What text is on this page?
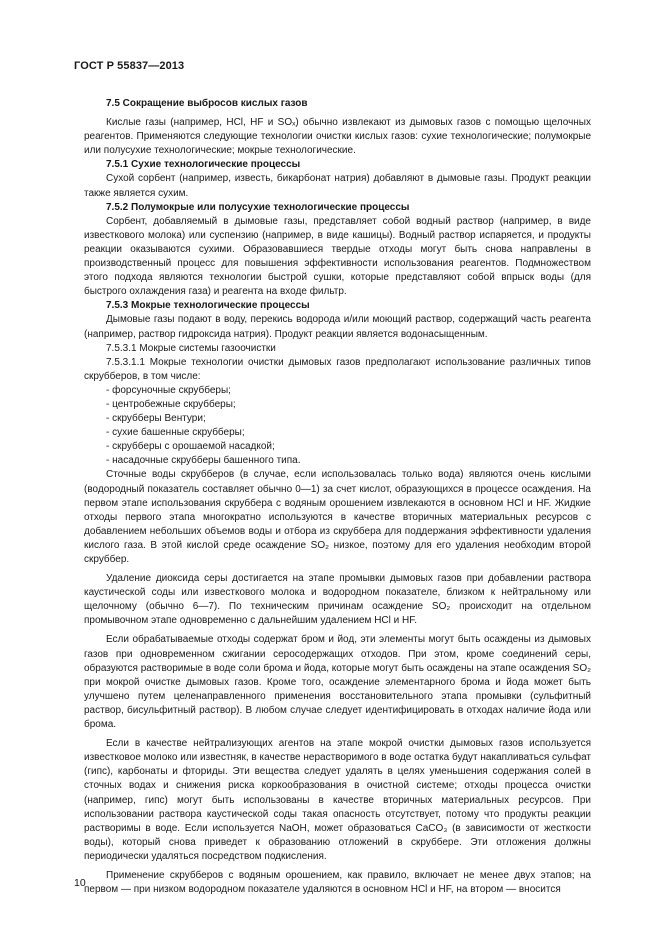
ГОСТ Р 55837—2013

7.5 Сокращение выбросов кислых газов

Кислые газы (например, HCl, HF и SOₓ) обычно извлекают из дымовых газов с помощью щелочных реагентов. Применяются следующие технологии очистки кислых газов: сухие технологические; полумокрые или полусухие технологические; мокрые технологические.

7.5.1 Сухие технологические процессы

Сухой сорбент (например, известь, бикарбонат натрия) добавляют в дымовые газы. Продукт реакции также является сухим.

7.5.2 Полумокрые или полусухие технологические процессы

Сорбент, добавляемый в дымовые газы, представляет собой водный раствор (например, в виде известкового молока) или суспензию (например, в виде кашицы). Водный раствор испаряется, и продукты реакции оказываются сухими. Образовавшиеся твердые отходы могут быть снова направлены в производственный процесс для повышения эффективности использования реагентов. Подмножеством этого подхода являются технологии быстрой сушки, которые представляют собой впрыск воды (для быстрого охлаждения газа) и реагента на входе фильтр.

7.5.3 Мокрые технологические процессы

Дымовые газы подают в воду, перекись водорода и/или моющий раствор, содержащий часть реагента (например, раствор гидроксида натрия). Продукт реакции является водонасыщенным.

7.5.3.1 Мокрые системы газоочистки

7.5.3.1.1 Мокрые технологии очистки дымовых газов предполагают использование различных типов скрубберов, в том числе:

- форсуночные скрубберы;
- центробежные скрубберы;
- скрубберы Вентури;
- сухие башенные скрубберы;
- скрубберы с орошаемой насадкой;
- насадочные скрубберы башенного типа.

Сточные воды скрубберов (в случае, если использовалась только вода) являются очень кислыми (водородный показатель составляет обычно 0—1) за счет кислот, образующихся в процессе осаждения. На первом этапе использования скруббера с водяным орошением извлекаются в основном HCl и HF. Жидкие отходы первого этапа многократно используются в качестве вторичных материальных ресурсов с добавлением небольших объемов воды и отбора из скруббера для поддержания эффективности удаления кислого газа. В этой кислой среде осаждение SO₂ низкое, поэтому для его удаления необходим второй скруббер.

Удаление диоксида серы достигается на этапе промывки дымовых газов при добавлении раствора каустической соды или известкового молока и водородном показателе, близком к нейтральному или щелочному (обычно 6—7). По техническим причинам осаждение SO₂ происходит на отдельном промывочном этапе одновременно с дальнейшим удалением HCl и HF.

Если обрабатываемые отходы содержат бром и йод, эти элементы могут быть осаждены из дымовых газов при одновременном сжигании серосодержащих отходов. При этом, кроме соединений серы, образуются растворимые в воде соли брома и йода, которые могут быть осаждены на этапе осаждения SO₂ при мокрой очистке дымовых газов. Кроме того, осаждение элементарного брома и йода может быть улучшено путем целенаправленного применения восстановительного этапа промывки (сульфитный раствор, бисульфитный раствор). В любом случае следует идентифицировать в отходах наличие йода или брома.

Если в качестве нейтрализующих агентов на этапе мокрой очистки дымовых газов используется известковое молоко или известняк, в качестве нерастворимого в воде остатка будут накапливаться сульфат (гипс), карбонаты и фториды. Эти вещества следует удалять в целях уменьшения содержания солей в сточных водах и снижения риска коркообразования в очистной системе; отходы процесса очистки (например, гипс) могут быть использованы в качестве вторичных материальных ресурсов. При использовании раствора каустической соды такая опасность отсутствует, потому что продукты реакции растворимы в воде. Если используется NaOH, может образоваться CaCO₃ (в зависимости от жесткости воды), который снова приведет к образованию отложений в скруббере. Эти отложения должны периодически удаляться посредством подкисления.

Применение скрубберов с водяным орошением, как правило, включает не менее двух этапов; на первом — при низком водородном показателе удаляются в основном HCl и HF, на втором — вносится

10
